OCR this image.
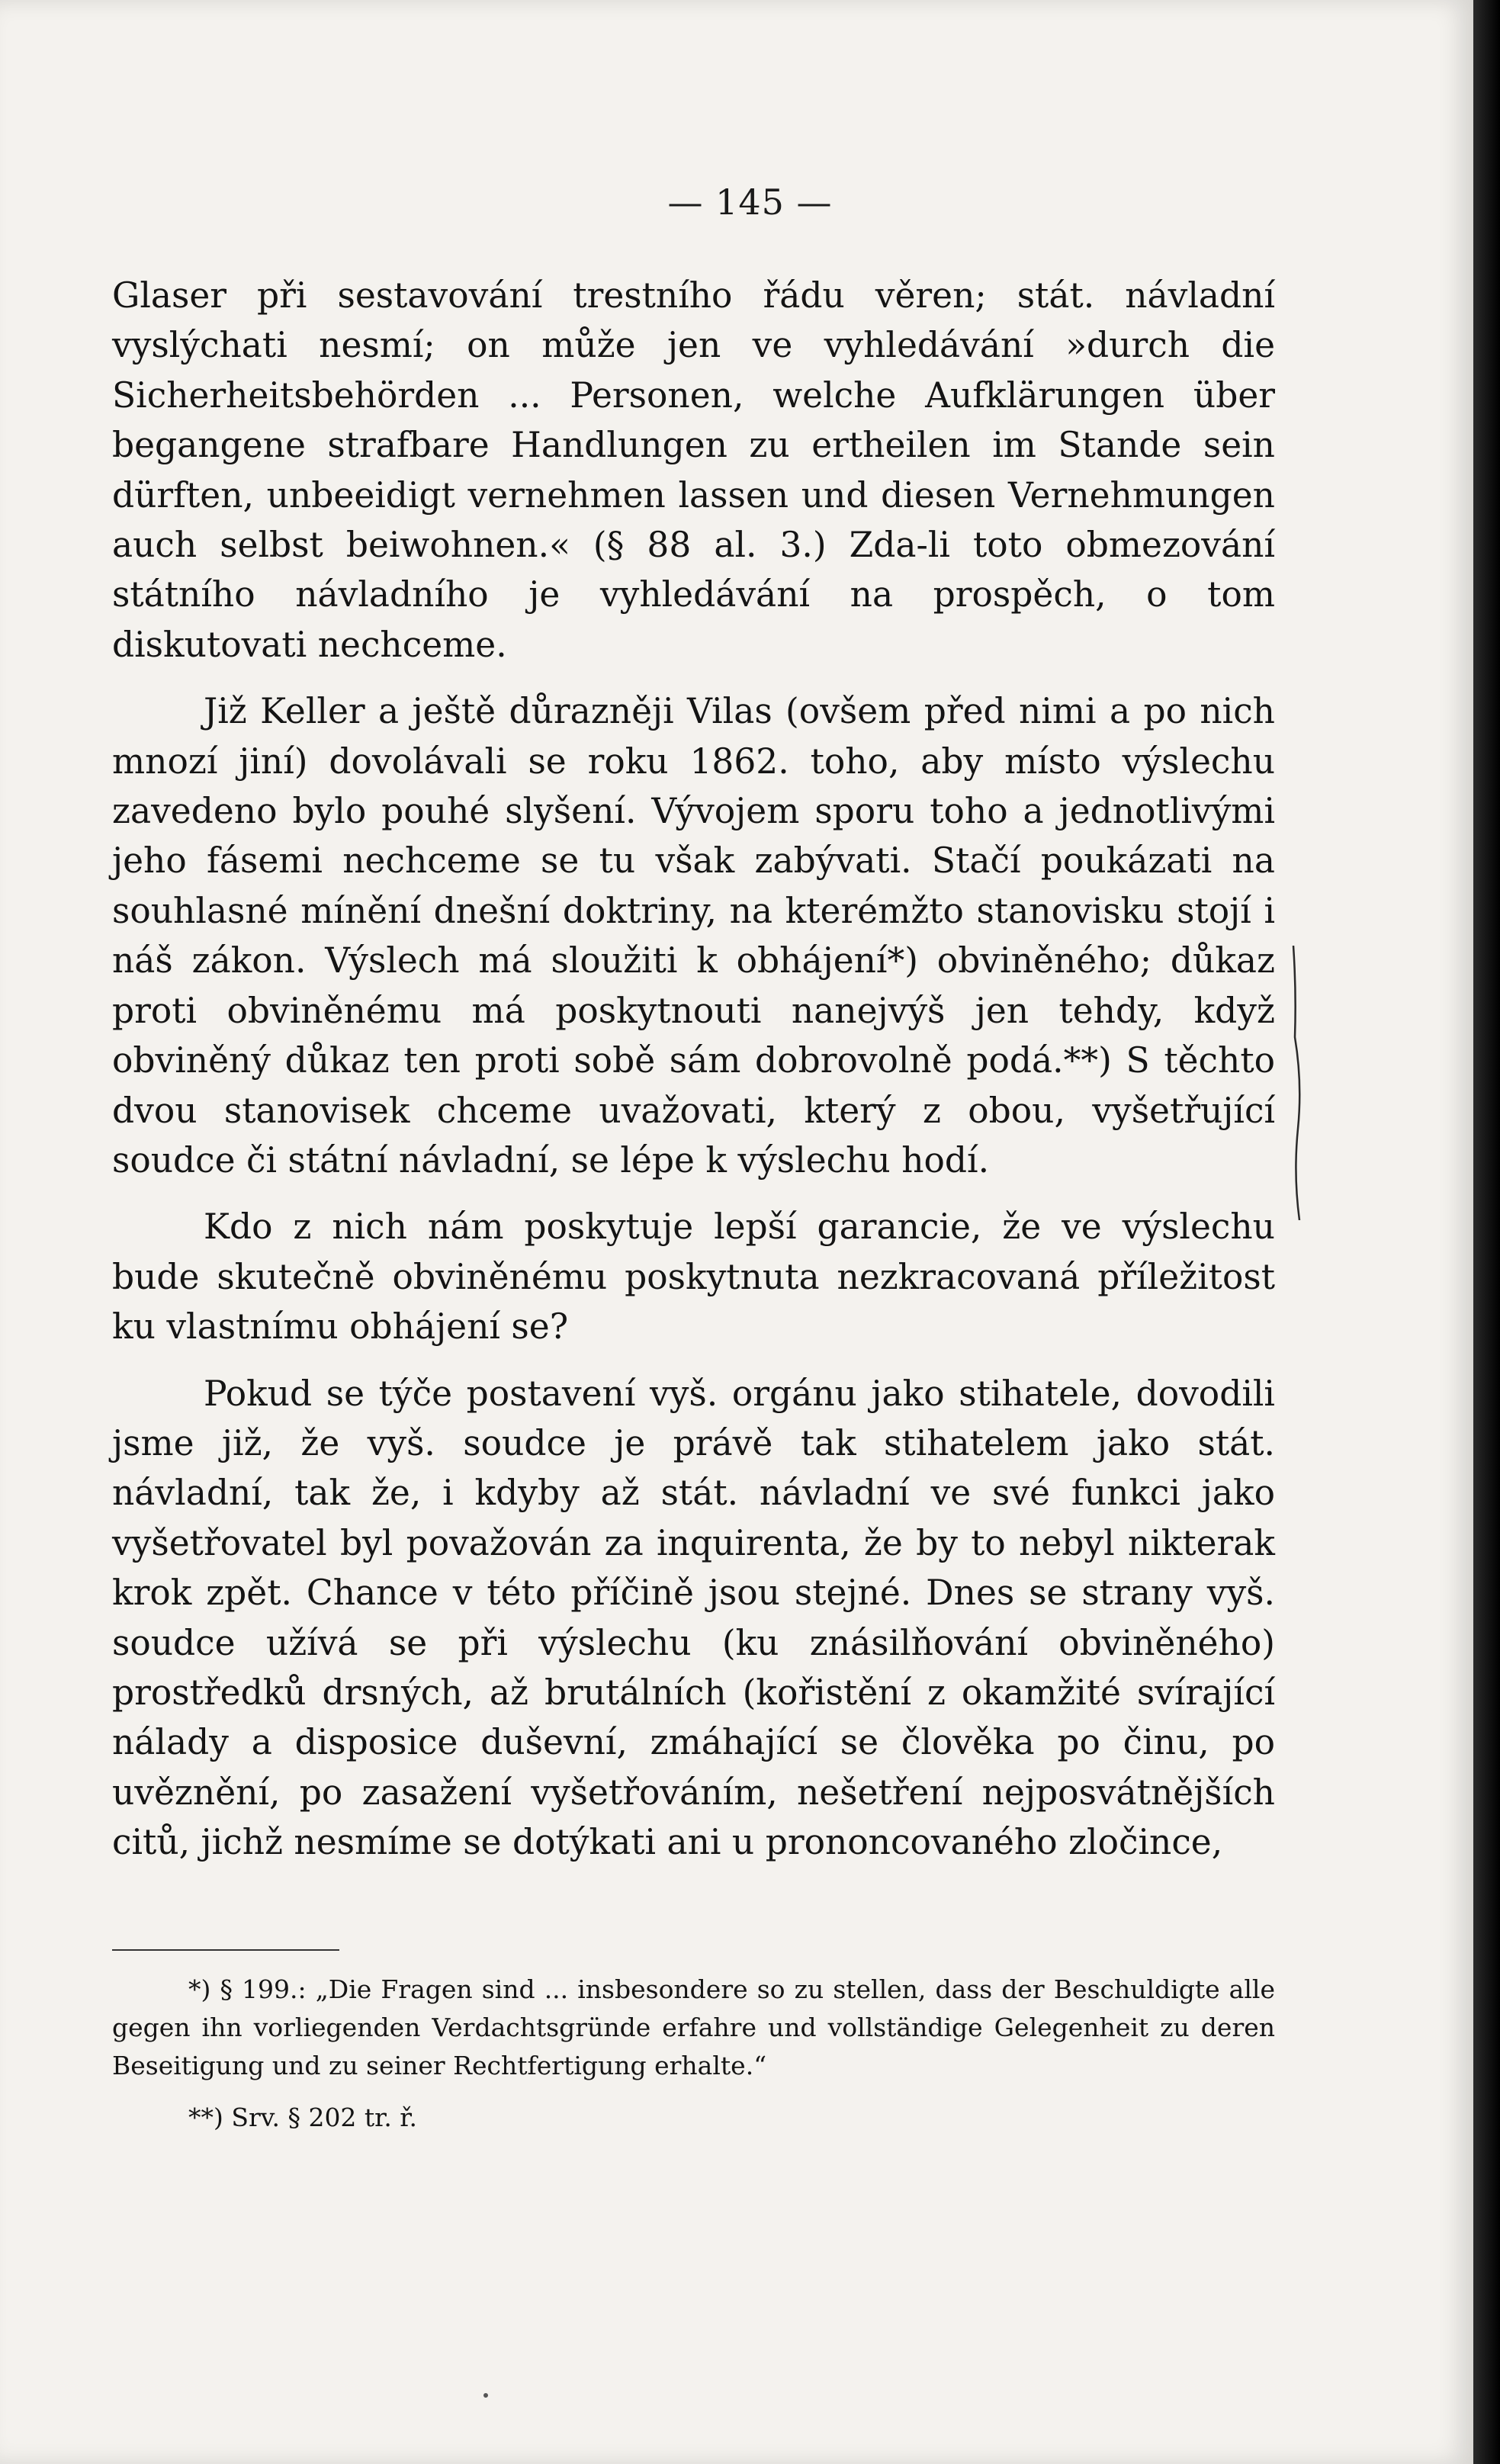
— 145 —

Glaser při sestavování trestního řádu věren; stát. návladní vyslýchati nesmí; on může jen ve vyhledávání »durch die Sicherheitsbehörden ... Personen, welche Aufklärungen über begangene strafbare Handlungen zu ertheilen im Stande sein dürften, unbeeidigt vernehmen lassen und diesen Vernehmungen auch selbst beiwohnen.« (§ 88 al. 3.) Zda-li toto obmezování státního návladního je vyhledávání na prospěch, o tom diskutovati nechceme.

Již Keller a ještě důrazněji Vilas (ovšem před nimi a po nich mnozí jiní) dovolávali se roku 1862. toho, aby místo výslechu zavedeno bylo pouhé slyšení. Vývojem sporu toho a jednotlivými jeho fásemi nechceme se tu však zabývati. Stačí poukázati na souhlasné mínění dnešní doktriny, na kterémžto stanovisku stojí i náš zákon. Výslech má sloužiti k obhájení*) obviněného; důkaz proti obviněnému má poskytnouti nanejvýš jen tehdy, když obviněný důkaz ten proti sobě sám dobrovolně podá.**) S těchto dvou stanovisek chceme uvažovati, který z obou, vyšetřující soudce či státní návladní, se lépe k výslechu hodí.

Kdo z nich nám poskytuje lepší garancie, že ve výslechu bude skutečně obviněnému poskytnuta nezkracovaná příležitost ku vlastnímu obhájení se?

Pokud se týče postavení vyš. orgánu jako stihatele, dovodili jsme již, že vyš. soudce je právě tak stihatelem jako stát. návladní, tak že, i kdyby až stát. návladní ve své funkci jako vyšetřovatel byl považován za inquirenta, že by to nebyl nikterak krok zpět. Chance v této příčině jsou stejné. Dnes se strany vyš. soudce užívá se při výslechu (ku znásilňování obviněného) prostředků drsných, až brutálních (kořistění z okamžité svírající nálady a disposice duševní, zmáhající se člověka po činu, po uvěznění, po zasažení vyšetřováním, nešetření nejposvátnějších citů, jichž nesmíme se dotýkati ani u prononcovaného zločince,

*) § 199.: „Die Fragen sind ... insbesondere so zu stellen, dass der Beschuldigte alle gegen ihn vorliegenden Verdachtsgründe erfahre und vollständige Gelegenheit zu deren Beseitigung und zu seiner Rechtfertigung erhalte.“

**) Srv. § 202 tr. ř.
